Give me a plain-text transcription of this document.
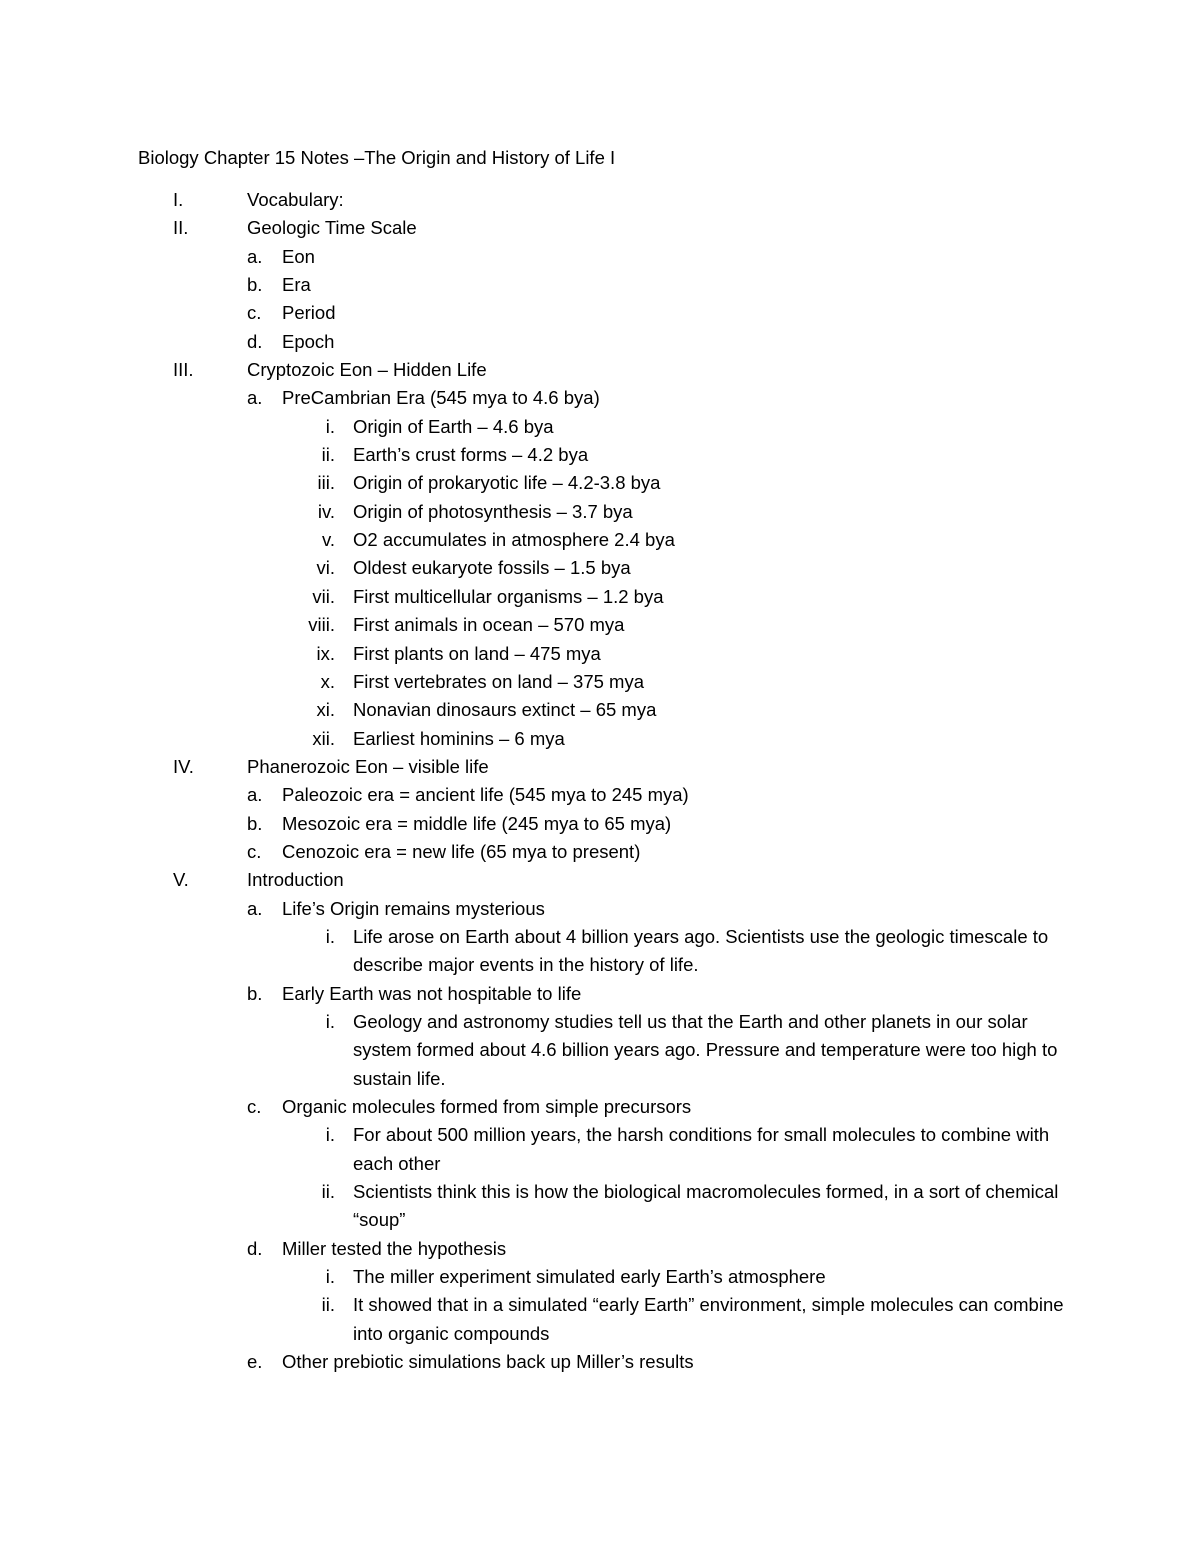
Biology Chapter 15 Notes –The Origin and History of Life I
I.	Vocabulary:
II.	Geologic Time Scale
a. Eon
b. Era
c. Period
d. Epoch
III.	Cryptozoic Eon – Hidden Life
a. PreCambrian Era (545 mya to 4.6 bya)
i. Origin of Earth – 4.6 bya
ii. Earth’s crust forms – 4.2 bya
iii. Origin of prokaryotic life – 4.2-3.8 bya
iv. Origin of photosynthesis – 3.7 bya
v. O2 accumulates in atmosphere 2.4 bya
vi. Oldest eukaryote fossils – 1.5 bya
vii. First multicellular organisms – 1.2 bya
viii. First animals in ocean – 570 mya
ix. First plants on land – 475 mya
x. First vertebrates on land – 375 mya
xi. Nonavian dinosaurs extinct – 65 mya
xii. Earliest hominins – 6 mya
IV.	Phanerozoic Eon – visible life
a. Paleozoic era = ancient life (545 mya to 245 mya)
b. Mesozoic era = middle life (245 mya to 65 mya)
c. Cenozoic era = new life (65 mya to present)
V.	Introduction
a. Life’s Origin remains mysterious
i. Life arose on Earth about 4 billion years ago. Scientists use the geologic timescale to describe major events in the history of life.
b. Early Earth was not hospitable to life
i. Geology and astronomy studies tell us that the Earth and other planets in our solar system formed about 4.6 billion years ago. Pressure and temperature were too high to sustain life.
c. Organic molecules formed from simple precursors
i. For about 500 million years, the harsh conditions for small molecules to combine with each other
ii. Scientists think this is how the biological macromolecules formed, in a sort of chemical “soup”
d. Miller tested the hypothesis
i. The miller experiment simulated early Earth’s atmosphere
ii. It showed that in a simulated “early Earth” environment, simple molecules can combine into organic compounds
e. Other prebiotic simulations back up Miller’s results
